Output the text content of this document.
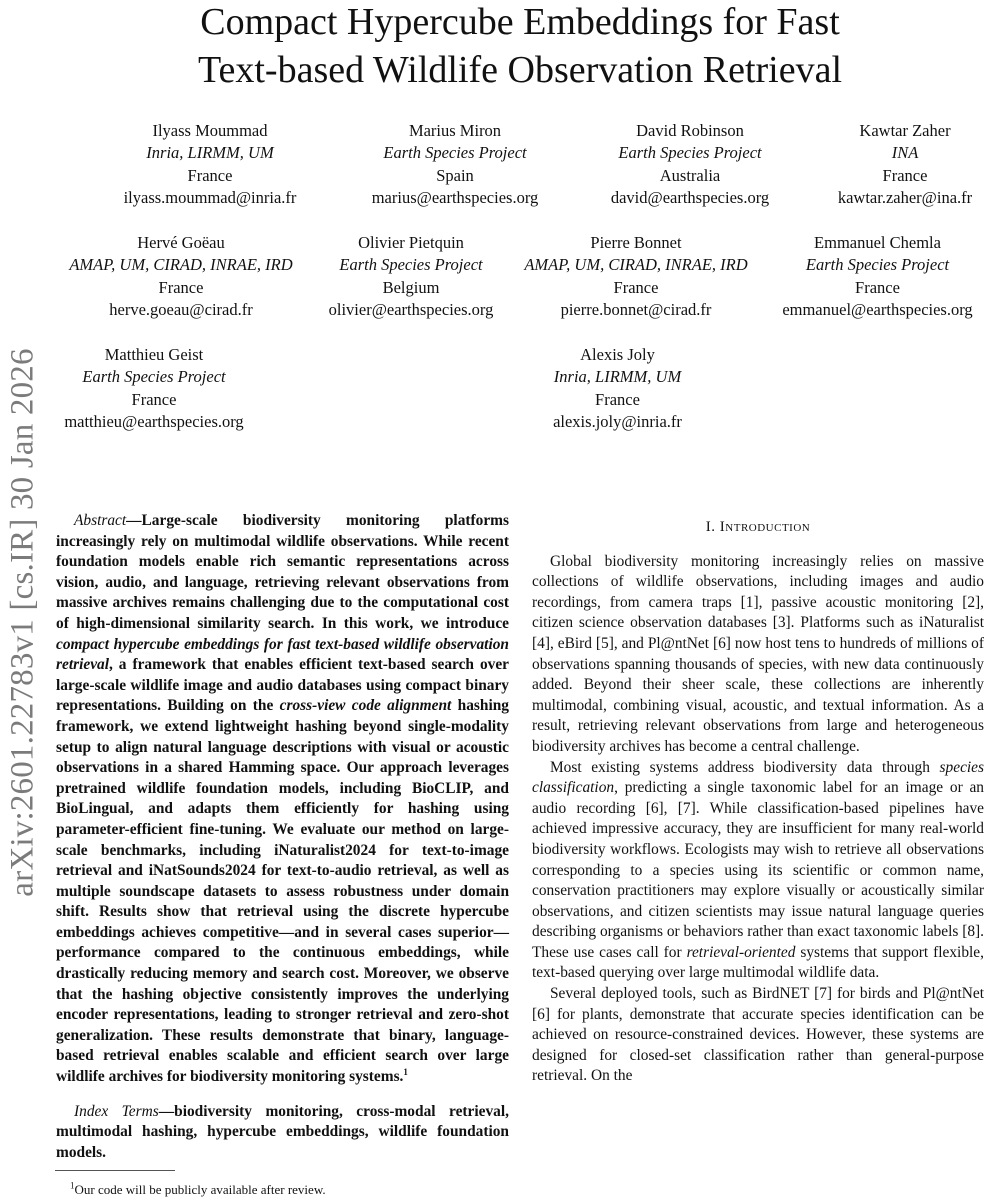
arXiv:2601.22783v1 [cs.IR] 30 Jan 2026
Compact Hypercube Embeddings for Fast
Text-based Wildlife Observation Retrieval
Ilyass Moummad
Inria, LIRMM, UM
France
ilyass.moummad@inria.fr
Marius Miron
Earth Species Project
Spain
marius@earthspecies.org
David Robinson
Earth Species Project
Australia
david@earthspecies.org
Kawtar Zaher
INA
France
kawtar.zaher@ina.fr
Hervé Goëau
AMAP, UM, CIRAD, INRAE, IRD
France
herve.goeau@cirad.fr
Olivier Pietquin
Earth Species Project
Belgium
olivier@earthspecies.org
Pierre Bonnet
AMAP, UM, CIRAD, INRAE, IRD
France
pierre.bonnet@cirad.fr
Emmanuel Chemla
Earth Species Project
France
emmanuel@earthspecies.org
Matthieu Geist
Earth Species Project
France
matthieu@earthspecies.org
Alexis Joly
Inria, LIRMM, UM
France
alexis.joly@inria.fr

Abstract—Large-scale biodiversity monitoring platforms increasingly rely on multimodal wildlife observations. While recent foundation models enable rich semantic representations across vision, audio, and language, retrieving relevant observations from massive archives remains challenging due to the computational cost of high-dimensional similarity search. In this work, we introduce compact hypercube embeddings for fast text-based wildlife observation retrieval, a framework that enables efficient text-based search over large-scale wildlife image and audio databases using compact binary representations. Building on the cross-view code alignment hashing framework, we extend lightweight hashing beyond single-modality setup to align natural language descriptions with visual or acoustic observations in a shared Hamming space. Our approach leverages pretrained wildlife foundation models, including BioCLIP, and BioLingual, and adapts them efficiently for hashing using parameter-efficient fine-tuning. We evaluate our method on large-scale benchmarks, including iNaturalist2024 for text-to-image retrieval and iNatSounds2024 for text-to-audio retrieval, as well as multiple soundscape datasets to assess robustness under domain shift. Results show that retrieval using the discrete hypercube embeddings achieves competitive—and in several cases superior—performance compared to the continuous embeddings, while drastically reducing memory and search cost. Moreover, we observe that the hashing objective consistently improves the underlying encoder representations, leading to stronger retrieval and zero-shot generalization. These results demonstrate that binary, language-based retrieval enables scalable and efficient search over large wildlife archives for biodiversity monitoring systems.$^1$

Index Terms—biodiversity monitoring, cross-modal retrieval, multimodal hashing, hypercube embeddings, wildlife foundation models.

$^1$Our code will be publicly available after review.

I. Introduction

Global biodiversity monitoring increasingly relies on massive collections of wildlife observations, including images and audio recordings, from camera traps [1], passive acoustic monitoring [2], citizen science observation databases [3]. Platforms such as iNaturalist [4], eBird [5], and Pl@ntNet [6] now host tens to hundreds of millions of observations spanning thousands of species, with new data continuously added. Beyond their sheer scale, these collections are inherently multimodal, combining visual, acoustic, and textual information. As a result, retrieving relevant observations from large and heterogeneous biodiversity archives has become a central challenge.

Most existing systems address biodiversity data through species classification, predicting a single taxonomic label for an image or an audio recording [6], [7]. While classification-based pipelines have achieved impressive accuracy, they are insufficient for many real-world biodiversity workflows. Ecologists may wish to retrieve all observations corresponding to a species using its scientific or common name, conservation practitioners may explore visually or acoustically similar observations, and citizen scientists may issue natural language queries describing organisms or behaviors rather than exact taxonomic labels [8]. These use cases call for retrieval-oriented systems that support flexible, text-based querying over large multimodal wildlife data.

Several deployed tools, such as BirdNET [7] for birds and Pl@ntNet [6] for plants, demonstrate that accurate species identification can be achieved on resource-constrained devices. However, these systems are designed for closed-set classification rather than general-purpose retrieval. On the
